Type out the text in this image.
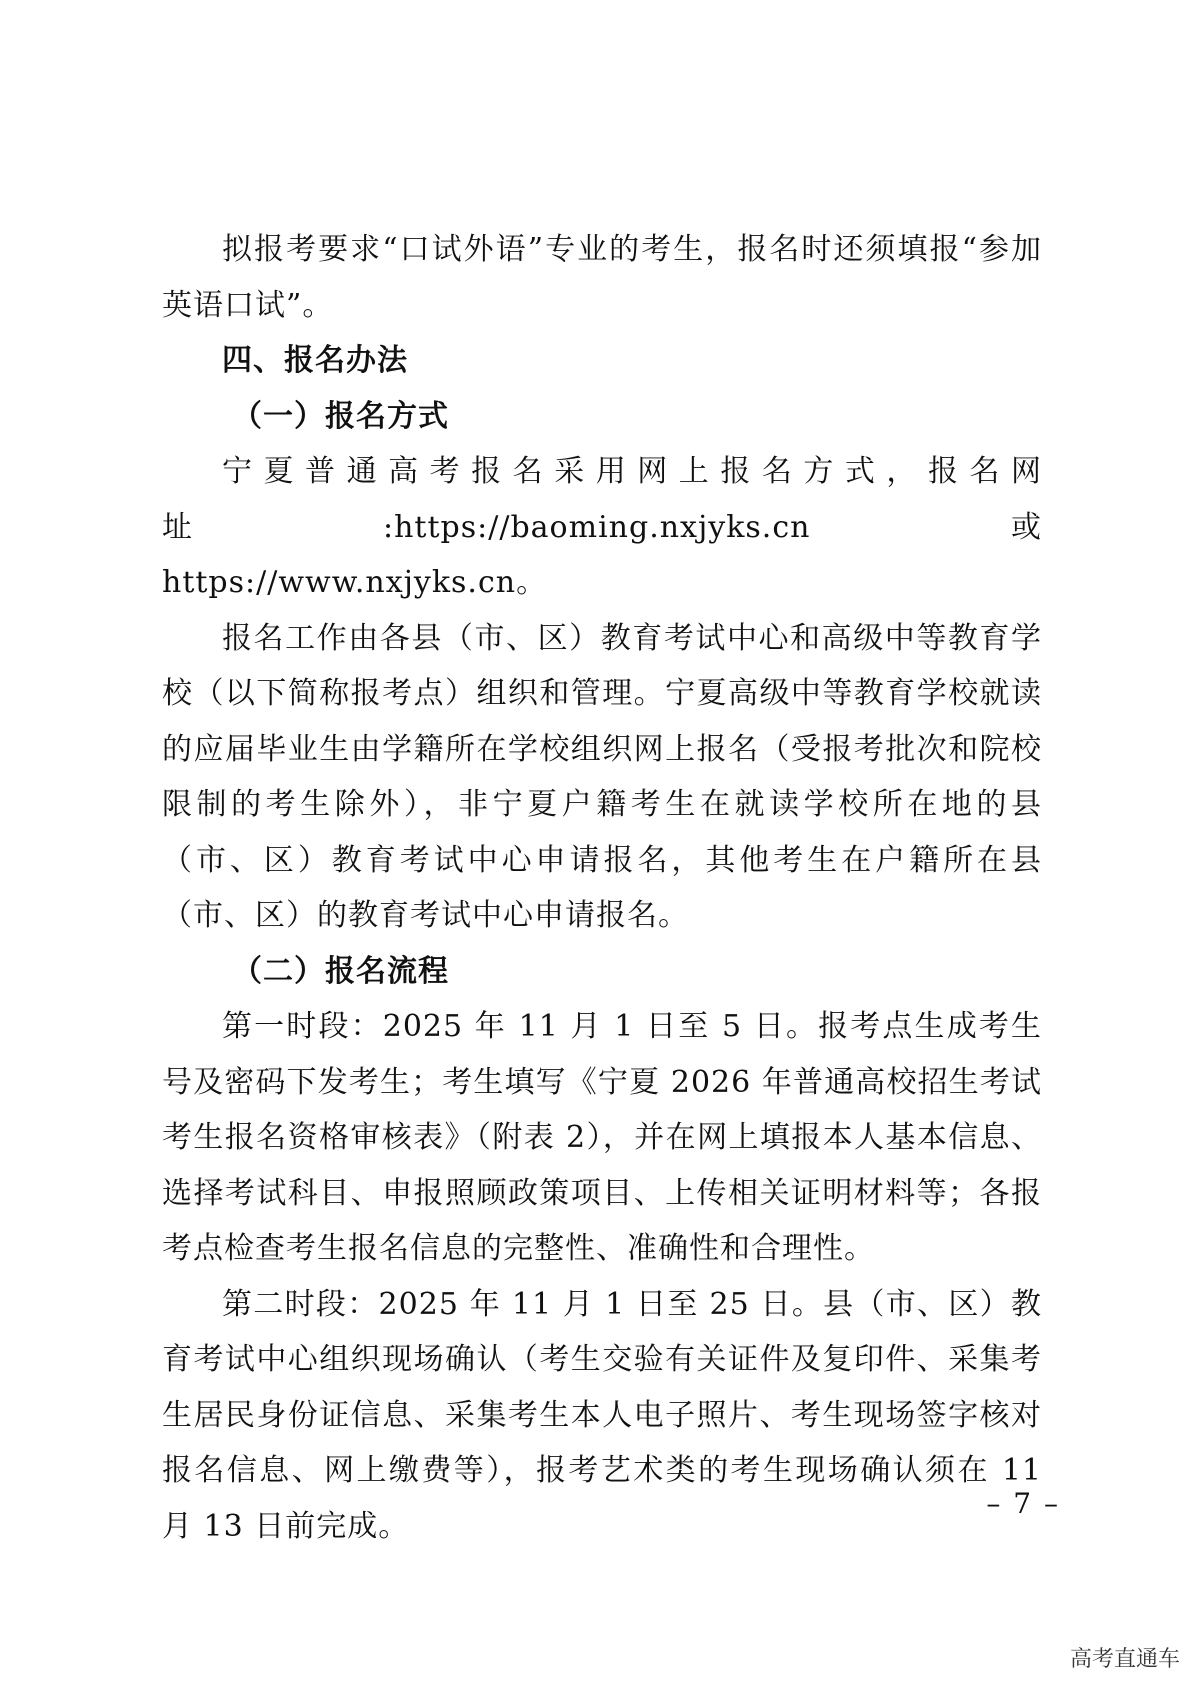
拟报考要求“口试外语”专业的考生，报名时还须填报“参加英语口试”。

四、报名办法

（一）报名方式

宁夏普通高考报名采用网上报名方式，报名网址:https://baoming.nxjyks.cn 或 https://www.nxjyks.cn。

报名工作由各县（市、区）教育考试中心和高级中等教育学校（以下简称报考点）组织和管理。宁夏高级中等教育学校就读的应届毕业生由学籍所在学校组织网上报名（受报考批次和院校限制的考生除外），非宁夏户籍考生在就读学校所在地的县（市、区）教育考试中心申请报名，其他考生在户籍所在县（市、区）的教育考试中心申请报名。

（二）报名流程

第一时段：2025 年 11 月 1 日至 5 日。报考点生成考生号及密码下发考生；考生填写《宁夏 2026 年普通高校招生考试考生报名资格审核表》（附表 2），并在网上填报本人基本信息、选择考试科目、申报照顾政策项目、上传相关证明材料等；各报考点检查考生报名信息的完整性、准确性和合理性。

第二时段：2025 年 11 月 1 日至 25 日。县（市、区）教育考试中心组织现场确认（考生交验有关证件及复印件、采集考生居民身份证信息、采集考生本人电子照片、考生现场签字核对报名信息、网上缴费等），报考艺术类的考生现场确认须在 11 月 13 日前完成。

– 7 –
高考直通车
